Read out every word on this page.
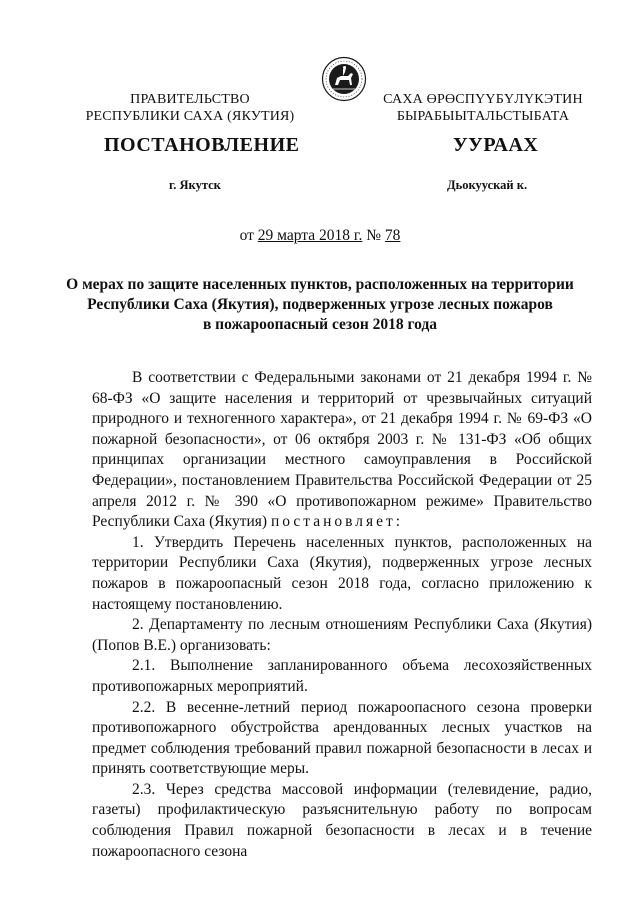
ПРАВИТЕЛЬСТВО
РЕСПУБЛИКИ САХА (ЯКУТИЯ)
САХА ӨРӨСПҮҮБҮЛҮКЭТИН
БЫРАБЫЫТАЛЬСТЫБАТА
ПОСТАНОВЛЕНИЕ	УУРААХ
г. Якутск	Дьокуускай к.
от 29 марта 2018 г. № 78
О мерах по защите населенных пунктов, расположенных на территории
Республики Саха (Якутия), подверженных угрозе лесных пожаров
в пожароопасный сезон 2018 года

В соответствии с Федеральными законами от 21 декабря 1994 г. № 68-ФЗ «О защите населения и территорий от чрезвычайных ситуаций природного и техногенного характера», от 21 декабря 1994 г. № 69-ФЗ «О пожарной безопасности», от 06 октября 2003 г. № 131-ФЗ «Об общих принципах организации местного самоуправления в Российской Федерации», постановлением Правительства Российской Федерации от 25 апреля 2012 г. № 390 «О противопожарном режиме» Правительство Республики Саха (Якутия) постановляет:

1. Утвердить Перечень населенных пунктов, расположенных на территории Республики Саха (Якутия), подверженных угрозе лесных пожаров в пожароопасный сезон 2018 года, согласно приложению к настоящему постановлению.

2. Департаменту по лесным отношениям Республики Саха (Якутия) (Попов В.Е.) организовать:

2.1. Выполнение запланированного объема лесохозяйственных противопожарных мероприятий.

2.2. В весенне-летний период пожароопасного сезона проверки противопожарного обустройства арендованных лесных участков на предмет соблюдения требований правил пожарной безопасности в лесах и принять соответствующие меры.

2.3. Через средства массовой информации (телевидение, радио, газеты) профилактическую разъяснительную работу по вопросам соблюдения Правил пожарной безопасности в лесах и в течение пожароопасного сезона
